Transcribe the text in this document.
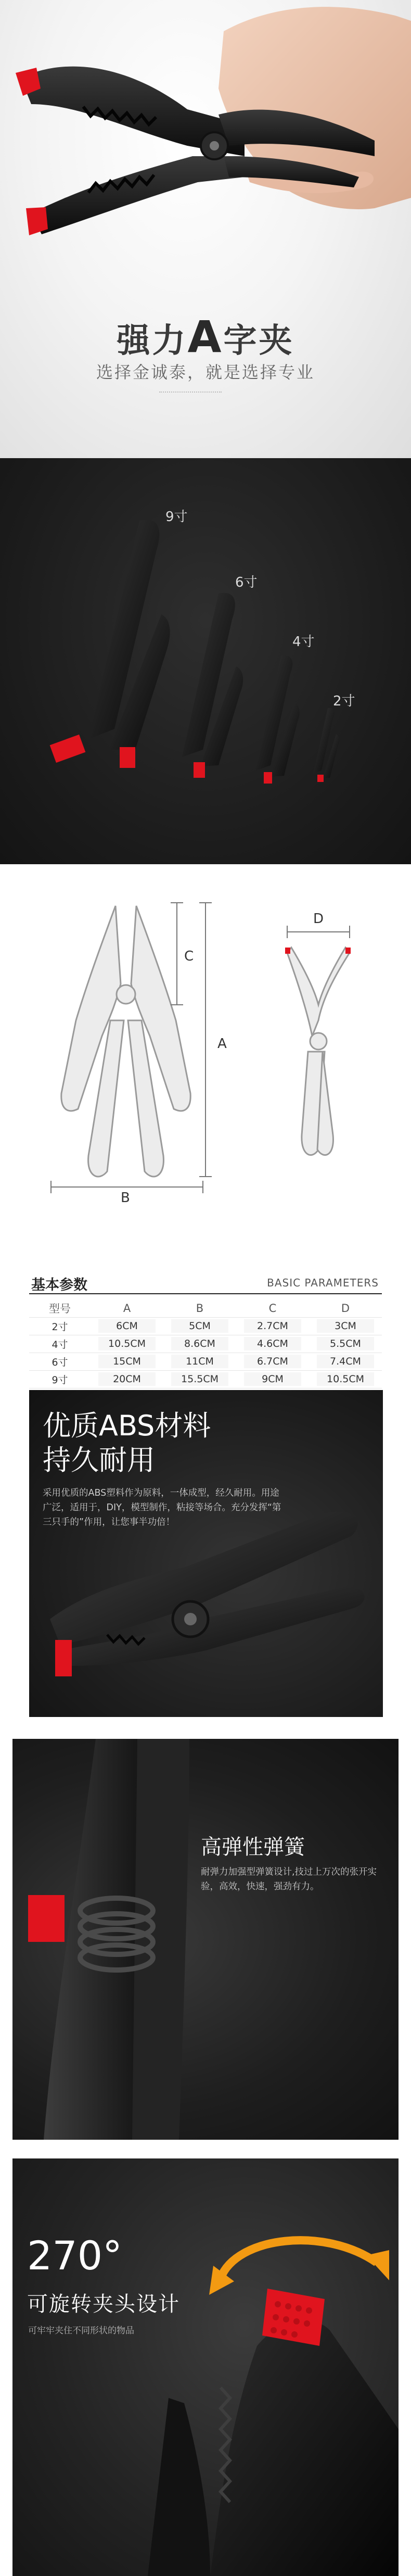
强力A字夹
选择金诚泰，就是选择专业
9寸
6寸
4寸
2寸
B
A
C
D
基本参数	BASIC PARAMETERS
型号	A	B	C	D
2寸	6CM	5CM	2.7CM	3CM
4寸	10.5CM	8.6CM	4.6CM	5.5CM
6寸	15CM	11CM	6.7CM	7.4CM
9寸	20CM	15.5CM	9CM	10.5CM
优质ABS材料
持久耐用
采用优质的ABS塑料作为原料，一体成型，经久耐用。用途广泛，适用于，DIY，模型制作，粘接等场合。充分发挥“第三只手的”作用，让您事半功倍！
高弹性弹簧
耐弹力加强型弹簧设计,技过上万次的张开实验，高效，快速，强劲有力。
270°
可旋转夹头设计
可牢牢夹住不同形状的物品
